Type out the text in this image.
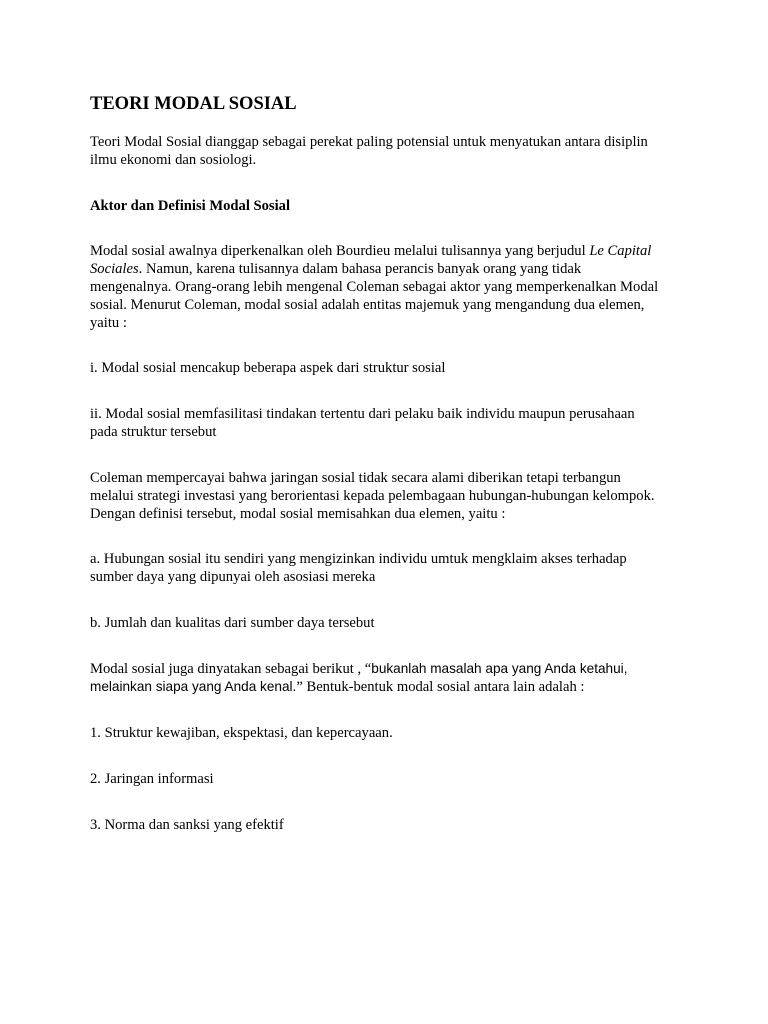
TEORI MODAL SOSIAL

Teori Modal Sosial dianggap sebagai perekat paling potensial untuk menyatukan antara disiplin
ilmu ekonomi dan sosiologi.

Aktor dan Definisi Modal Sosial

Modal sosial awalnya diperkenalkan oleh Bourdieu melalui tulisannya yang berjudul Le Capital
Sociales. Namun, karena tulisannya dalam bahasa perancis banyak orang yang tidak
mengenalnya. Orang-orang lebih mengenal Coleman sebagai aktor yang memperkenalkan Modal
sosial. Menurut Coleman, modal sosial adalah entitas majemuk yang mengandung dua elemen,
yaitu :

i. Modal sosial mencakup beberapa aspek dari struktur sosial

ii. Modal sosial memfasilitasi tindakan tertentu dari pelaku baik individu maupun perusahaan
pada struktur tersebut

Coleman mempercayai bahwa jaringan sosial tidak secara alami diberikan tetapi terbangun
melalui strategi investasi yang berorientasi kepada pelembagaan hubungan-hubungan kelompok.
Dengan definisi tersebut, modal sosial memisahkan dua elemen, yaitu :

a. Hubungan sosial itu sendiri yang mengizinkan individu umtuk mengklaim akses terhadap
sumber daya yang dipunyai oleh asosiasi mereka

b. Jumlah dan kualitas dari sumber daya tersebut

Modal sosial juga dinyatakan sebagai berikut , “bukanlah masalah apa yang Anda ketahui,
melainkan siapa yang Anda kenal.” Bentuk-bentuk modal sosial antara lain adalah :

1. Struktur kewajiban, ekspektasi, dan kepercayaan.

2. Jaringan informasi

3. Norma dan sanksi yang efektif
